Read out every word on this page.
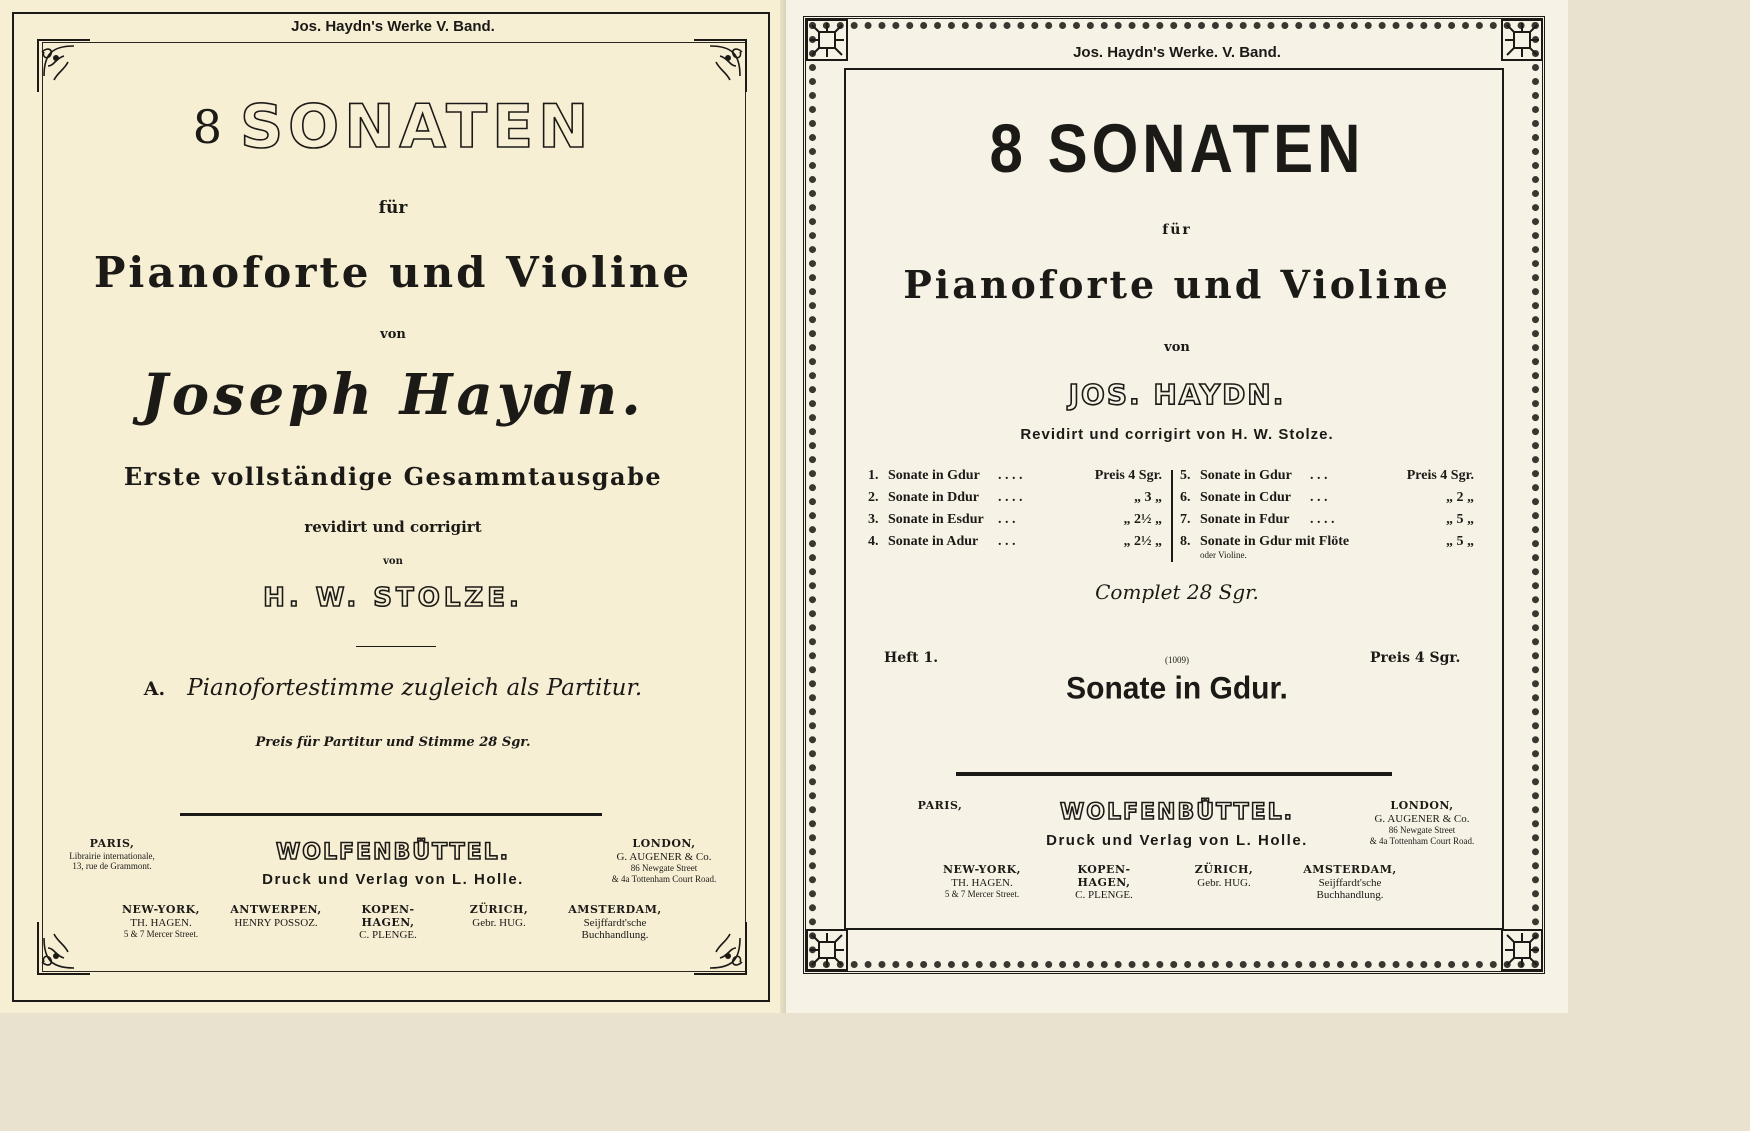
Jos. Haydn's Werke V. Band.
8 SONATEN
für
Pianoforte und Violine
von
Joseph Haydn.
Erste vollständige Gesammtausgabe
revidirt und corrigirt
von
H. W. STOLZE.
A. Pianofortestimme zugleich als Partitur.
Preis für Partitur und Stimme 28 Sgr.
PARIS,
Librairie internationale,
13, rue de Grammont.
WOLFENBÜTTEL.
Druck und Verlag von L. Holle.
LONDON,
G. AUGENER & Co.
86 Newgate Street
& 4a Tottenham Court Road.
NEW-YORK,
TH. HAGEN.
5 & 7 Mercer Street.
ANTWERPEN,
HENRY POSSOZ.
KOPEN-
HAGEN,
C. PLENGE.
ZÜRICH,
Gebr. HUG.
AMSTERDAM,
Seijffardt'sche
Buchhandlung.
Jos. Haydn's Werke. V. Band.
8 SONATEN
für
Pianoforte und Violine
von
JOS. HAYDN.
Revidirt und corrigirt von H. W. Stolze.
1. Sonate in Gdur . . . .	Preis 4 Sgr.
2. Sonate in Ddur . . . .	„ 3 „
3. Sonate in Esdur . . .	„ 2½ „
4. Sonate in Adur . . .	„ 2½ „
5. Sonate in Gdur . . .	Preis 4 Sgr.
6. Sonate in Cdur . . .	„ 2 „
7. Sonate in Fdur . . . .	„ 5 „
8. Sonate in Gdur mit Flöte	„ 5 „
oder Violine.
Complet 28 Sgr.
Heft 1.	(1009)	Preis 4 Sgr.
Sonate in Gdur.
PARIS,	WOLFENBÜTTEL.
Druck und Verlag von L. Holle.
LONDON,
G. AUGENER & Co.
86 Newgate Street
& 4a Tottenham Court Road.
NEW-YORK,
TH. HAGEN.
5 & 7 Mercer Street.
KOPEN-
HAGEN,
C. PLENGE.
ZÜRICH,
Gebr. HUG.
AMSTERDAM,
Seijffardt'sche
Buchhandlung.
